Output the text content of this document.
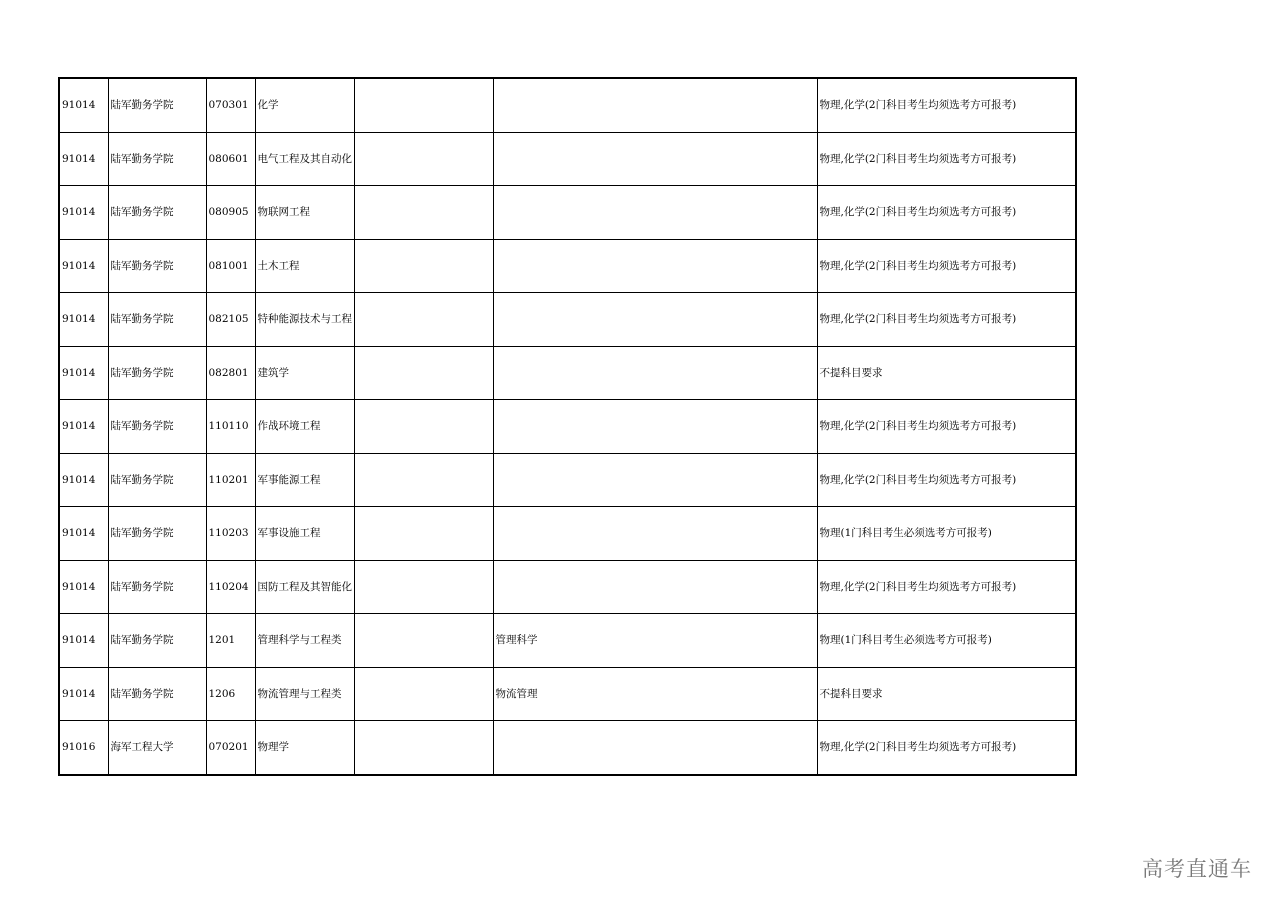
91014	陆军勤务学院	070301	化学			物理,化学(2门科目考生均须选考方可报考)
91014	陆军勤务学院	080601	电气工程及其自动化			物理,化学(2门科目考生均须选考方可报考)
91014	陆军勤务学院	080905	物联网工程			物理,化学(2门科目考生均须选考方可报考)
91014	陆军勤务学院	081001	土木工程			物理,化学(2门科目考生均须选考方可报考)
91014	陆军勤务学院	082105	特种能源技术与工程			物理,化学(2门科目考生均须选考方可报考)
91014	陆军勤务学院	082801	建筑学			不提科目要求
91014	陆军勤务学院	110110	作战环境工程			物理,化学(2门科目考生均须选考方可报考)
91014	陆军勤务学院	110201	军事能源工程			物理,化学(2门科目考生均须选考方可报考)
91014	陆军勤务学院	110203	军事设施工程			物理(1门科目考生必须选考方可报考)
91014	陆军勤务学院	110204	国防工程及其智能化			物理,化学(2门科目考生均须选考方可报考)
91014	陆军勤务学院	1201	管理科学与工程类		管理科学	物理(1门科目考生必须选考方可报考)
91014	陆军勤务学院	1206	物流管理与工程类		物流管理	不提科目要求
91016	海军工程大学	070201	物理学			物理,化学(2门科目考生均须选考方可报考)
高考直通车
